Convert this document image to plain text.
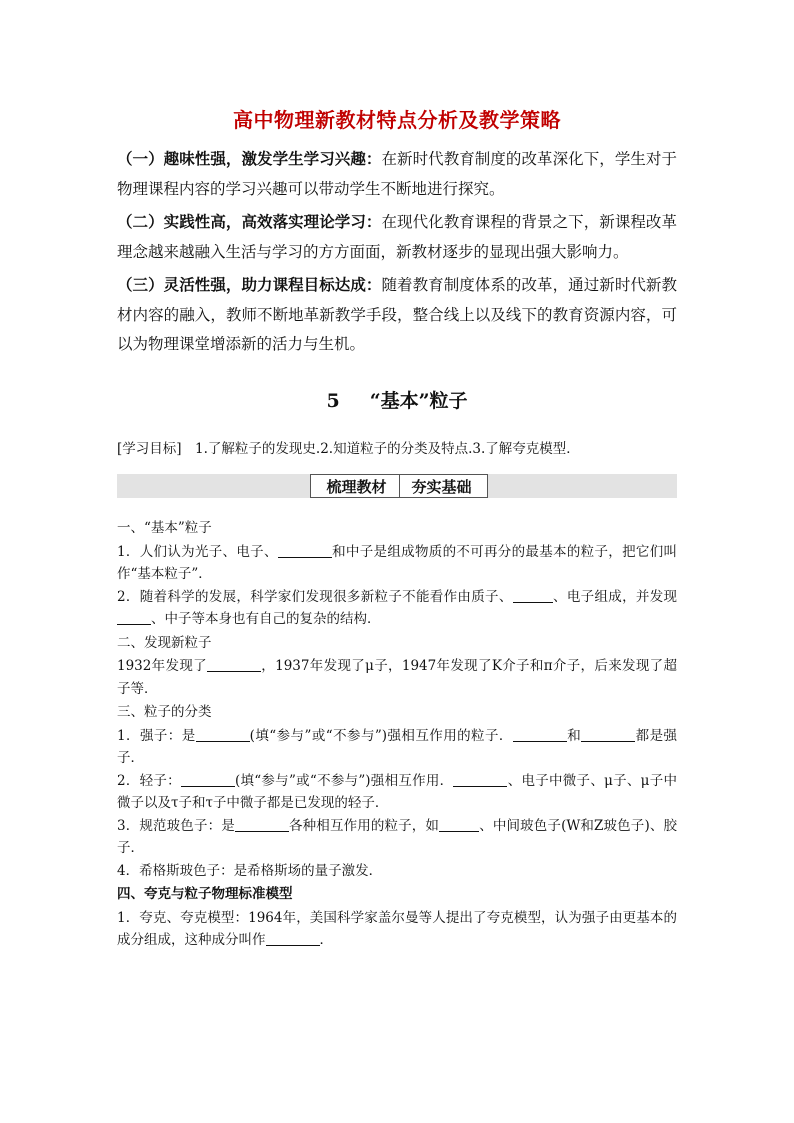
高中物理新教材特点分析及教学策略

（一）趣味性强，激发学生学习兴趣：在新时代教育制度的改革深化下，学生对于物理课程内容的学习兴趣可以带动学生不断地进行探究。

（二）实践性高，高效落实理论学习：在现代化教育课程的背景之下，新课程改革理念越来越融入生活与学习的方方面面，新教材逐步的显现出强大影响力。

（三）灵活性强，助力课程目标达成：随着教育制度体系的改革，通过新时代新教材内容的融入，教师不断地革新教学手段，整合线上以及线下的教育资源内容，可以为物理课堂增添新的活力与生机。

5 “基本”粒子
[学习目标]　1.了解粒子的发现史.2.知道粒子的分类及特点.3.了解夸克模型．
梳理教材 夯实基础

一、“基本”粒子

1．人们认为光子、电子、	和中子是组成物质的不可再分的最基本的粒子，把它们叫作“基本粒子”．

2．随着科学的发展，科学家们发现很多新粒子不能看作由质子、	、电子组成，并发现、中子等本身也有自己的复杂的结构．

二、发现新粒子

1932年发现了	，1937年发现了μ子，1947年发现了K介子和π介子，后来发现了超子等．

三、粒子的分类

1．强子：是	(填“参与”或“不参与”)强相互作用的粒子．	和	都是强子．

2．轻子：	(填“参与”或“不参与”)强相互作用．	、电子中微子、μ子、μ子中微子以及τ子和τ子中微子都是已发现的轻子．

3．规范玻色子：是	各种相互作用的粒子，如	、中间玻色子(W和Z玻色子)、胶子．

4．希格斯玻色子：是希格斯场的量子激发．

四、夸克与粒子物理标准模型

1．夸克、夸克模型：1964年，美国科学家盖尔曼等人提出了夸克模型，认为强子由更基本的成分组成，这种成分叫作	．
